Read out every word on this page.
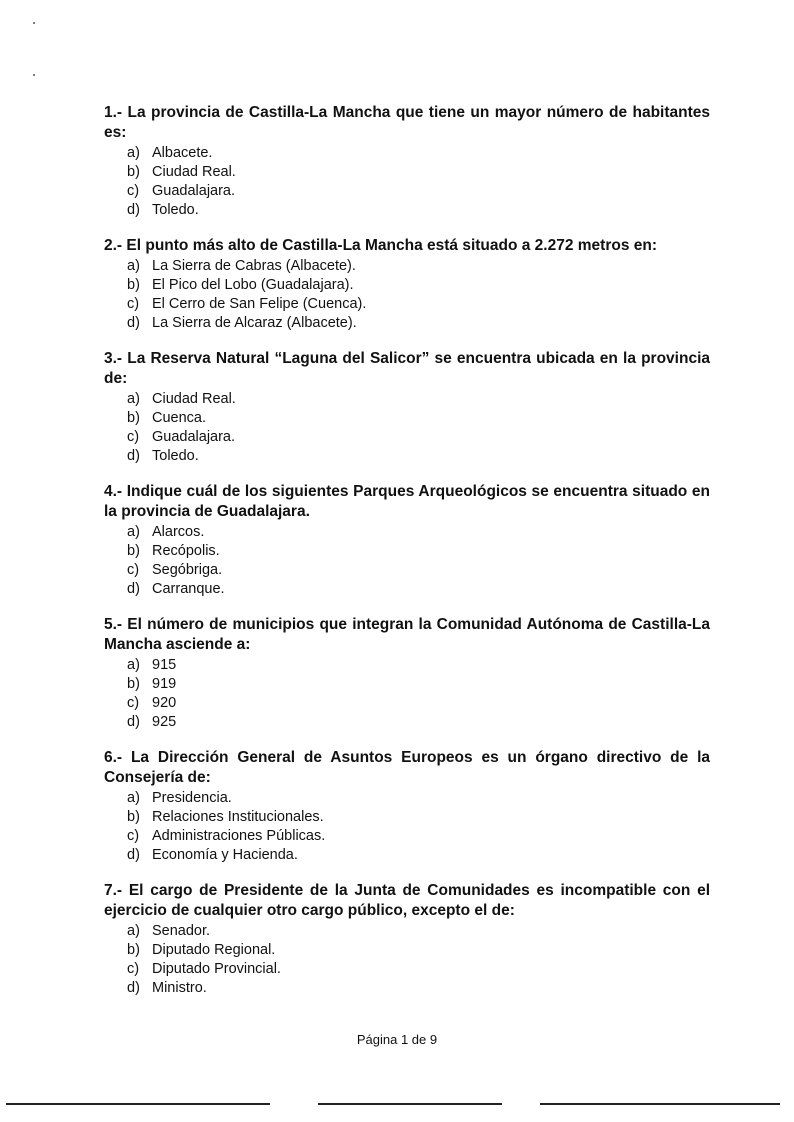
1.- La provincia de Castilla-La Mancha que tiene un mayor número de habitantes es:

a) Albacete.
b) Ciudad Real.
c) Guadalajara.
d) Toledo.

2.- El punto más alto de Castilla-La Mancha está situado a 2.272 metros en:

a) La Sierra de Cabras (Albacete).
b) El Pico del Lobo (Guadalajara).
c) El Cerro de San Felipe (Cuenca).
d) La Sierra de Alcaraz (Albacete).

3.- La Reserva Natural “Laguna del Salicor” se encuentra ubicada en la provincia de:

a) Ciudad Real.
b) Cuenca.
c) Guadalajara.
d) Toledo.

4.- Indique cuál de los siguientes Parques Arqueológicos se encuentra situado en la provincia de Guadalajara.

a) Alarcos.
b) Recópolis.
c) Segóbriga.
d) Carranque.

5.- El número de municipios que integran la Comunidad Autónoma de Castilla-La Mancha asciende a:

a) 915
b) 919
c) 920
d) 925

6.- La Dirección General de Asuntos Europeos es un órgano directivo de la Consejería de:

a) Presidencia.
b) Relaciones Institucionales.
c) Administraciones Públicas.
d) Economía y Hacienda.

7.- El cargo de Presidente de la Junta de Comunidades es incompatible con el ejercicio de cualquier otro cargo público, excepto el de:

a) Senador.
b) Diputado Regional.
c) Diputado Provincial.
d) Ministro.
Página 1 de 9
